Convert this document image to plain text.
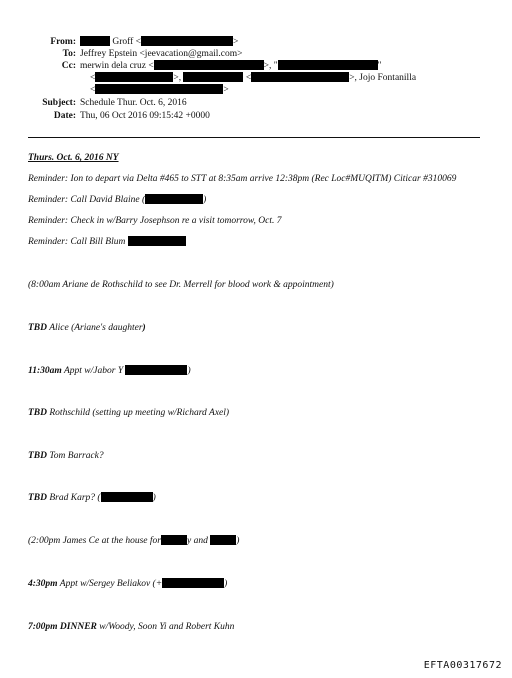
From:	Groff <	>
To: Jeffrey Epstein <jeevacation@gmail.com>
Cc: merwin dela cruz <	>, "	"
<	>,	<	>, Jojo Fontanilla
<	>
Subject: Schedule Thur. Oct. 6, 2016
Date: Thu, 06 Oct 2016 09:15:42 +0000
Thurs. Oct. 6, 2016 NY
Reminder: Ion to depart via Delta #465 to STT at 8:35am arrive 12:38pm (Rec Loc#MUQITM) Citicar #310069
Reminder: Call David Blaine (	)
Reminder: Check in w/Barry Josephson re a visit tomorrow, Oct. 7
Reminder: Call Bill Blum
(8:00am Ariane de Rothschild to see Dr. Merrell for blood work & appointment)
TBD Alice (Ariane's daughter)
11:30am Appt w/Jabor Y	)
TBD Rothschild (setting up meeting w/Richard Axel)
TBD Tom Barrack?
TBD Brad Karp? (	)
(2:00pm James Ce at the house for	y and	)
4:30pm Appt w/Sergey Beliakov (+	)
7:00pm DINNER w/Woody, Soon Yi and Robert Kuhn
EFTA00317672
